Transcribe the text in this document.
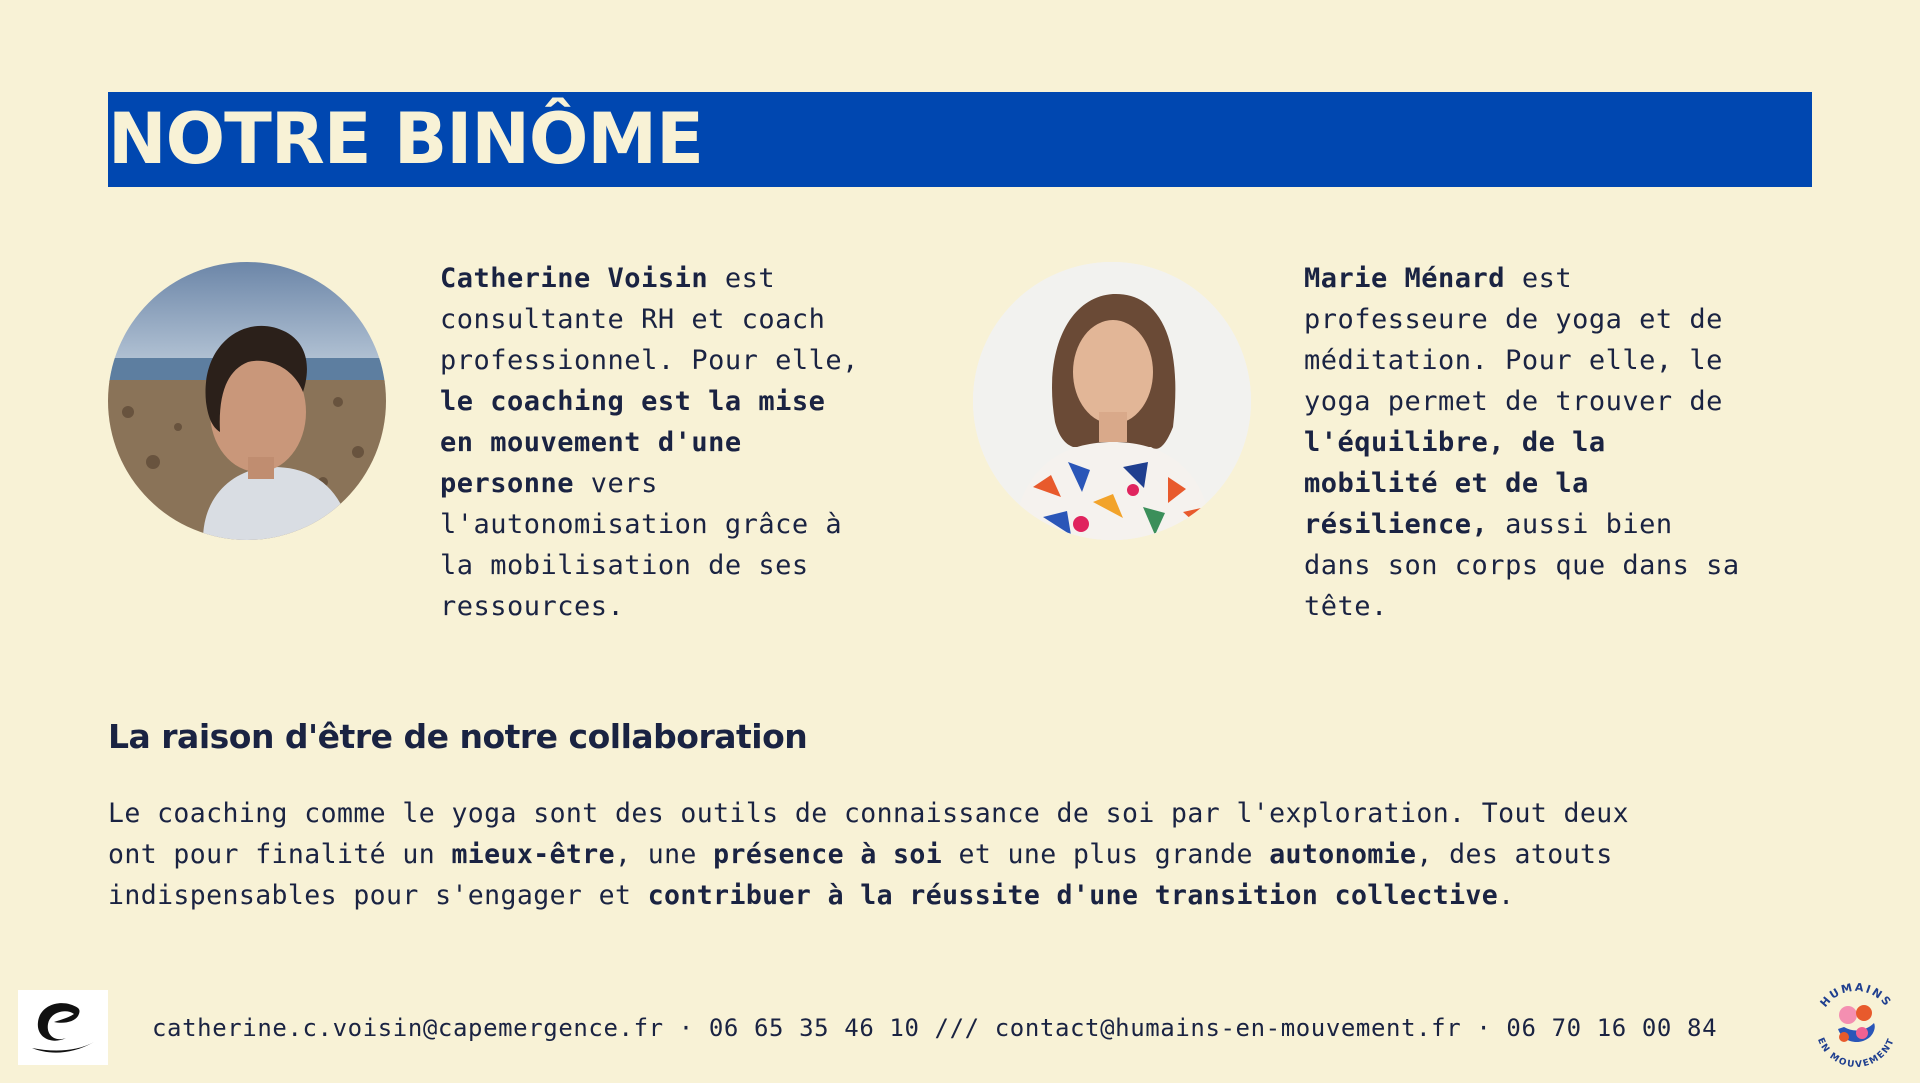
NOTRE BINÔME
Catherine Voisin est
consultante RH et coach
professionnel. Pour elle,
le coaching est la mise
en mouvement d'une
personne vers
l'autonomisation grâce à
la mobilisation de ses
ressources.
Marie Ménard est
professeure de yoga et de
méditation. Pour elle, le
yoga permet de trouver de
l'équilibre, de la
mobilité et de la
résilience, aussi bien
dans son corps que dans sa
tête.
La raison d'être de notre collaboration
Le coaching comme le yoga sont des outils de connaissance de soi par l'exploration. Tout deux
ont pour finalité un mieux-être, une présence à soi et une plus grande autonomie, des atouts
indispensables pour s'engager et contribuer à la réussite d'une transition collective.

catherine.c.voisin@capemergence.fr · 06 65 35 46 10 /// contact@humains-en-mouvement.fr · 06 70 16 00 84

HUMAINS
EN MOUVEMENT
